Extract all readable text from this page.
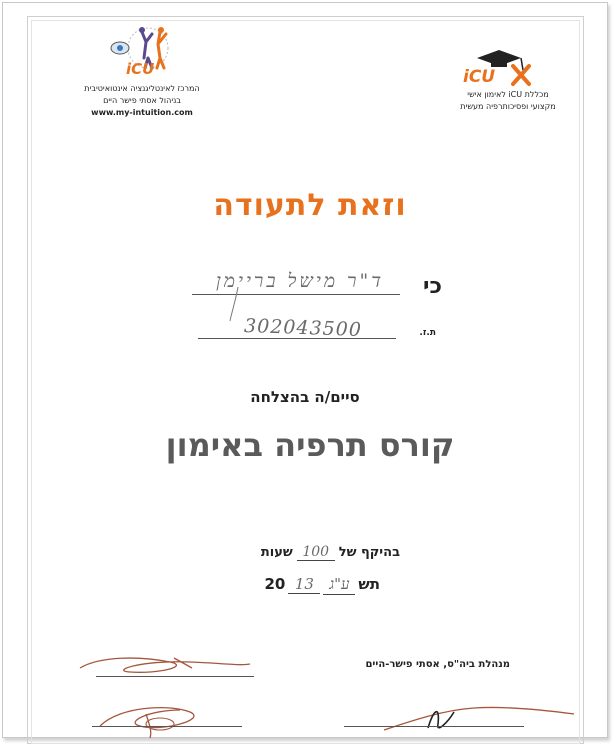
iCU
המרכז לאינטליגנציה אינטואיטיבית
בניהול אסתי פישר היים
www.my-intuition.com
iCU
מכללת iCU לאימון אישי
מקצועי ופסיכותרפיה מעשית
וזאת לתעודה
כי
ד"ר מישל בריימן
ת.ז.
302043500
סיים/ה בהצלחה
קורס תרפיה באימון
בהיקף של
100
שעות
תש
ע"ג
13
20
מנהלת ביה"ס, אסתי פישר-היים
